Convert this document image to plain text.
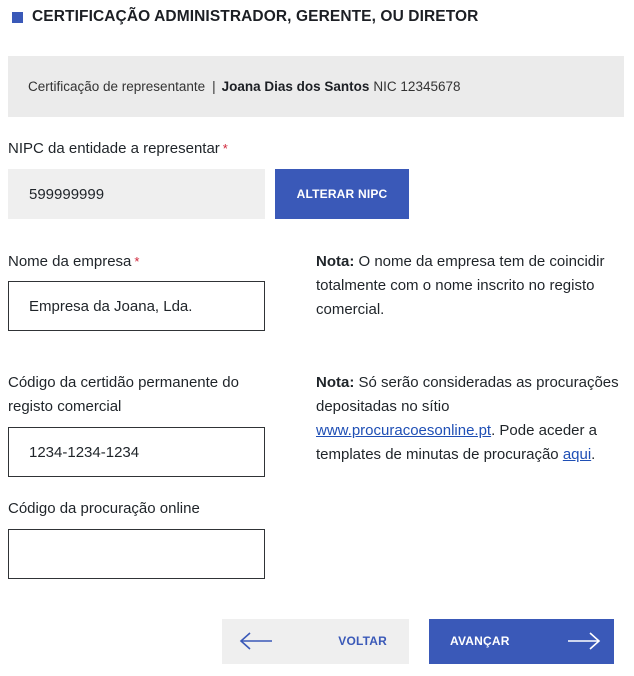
CERTIFICAÇÃO ADMINISTRADOR, GERENTE, OU DIRETOR
Certificação de representante | Joana Dias dos Santos NIC 12345678
NIPC da entidade a representar *
599999999
ALTERAR NIPC
Nome da empresa *
Empresa da Joana, Lda.	Nota: O nome da empresa tem de coincidir totalmente com o nome inscrito no registo comercial.
Código da certidão permanente do registo comercial
1234-1234-1234
Nota: Só serão consideradas as procurações depositadas no sítio www.procuracoesonline.pt. Pode aceder a templates de minutas de procuração aqui.
Código da procuração online
VOLTAR	AVANÇAR
